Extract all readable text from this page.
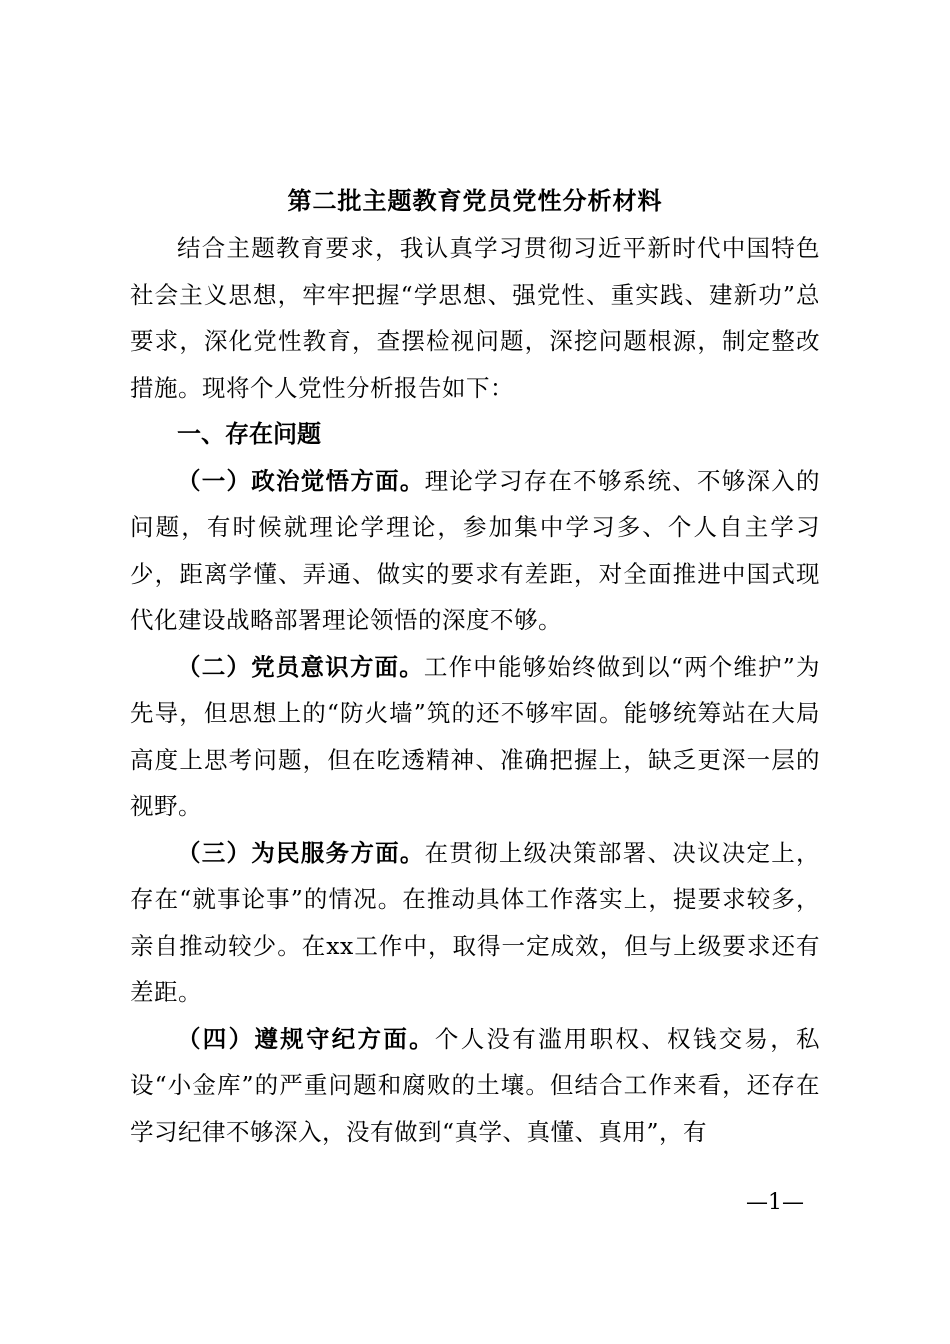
第二批主题教育党员党性分析材料

结合主题教育要求，我认真学习贯彻习近平新时代中国特色社会主义思想，牢牢把握“学思想、强党性、重实践、建新功”总要求，深化党性教育，查摆检视问题，深挖问题根源，制定整改措施。现将个人党性分析报告如下：

一、存在问题

（一）政治觉悟方面。理论学习存在不够系统、不够深入的问题，有时候就理论学理论，参加集中学习多、个人自主学习少，距离学懂、弄通、做实的要求有差距，对全面推进中国式现代化建设战略部署理论领悟的深度不够。

（二）党员意识方面。工作中能够始终做到以“两个维护”为先导，但思想上的“防火墙”筑的还不够牢固。能够统筹站在大局高度上思考问题，但在吃透精神、准确把握上，缺乏更深一层的视野。

（三）为民服务方面。在贯彻上级决策部署、决议决定上，存在“就事论事”的情况。在推动具体工作落实上，提要求较多，亲自推动较少。在xx工作中，取得一定成效，但与上级要求还有差距。

（四）遵规守纪方面。个人没有滥用职权、权钱交易，私设“小金库”的严重问题和腐败的土壤。但结合工作来看，还存在学习纪律不够深入，没有做到“真学、真懂、真用”，有

—1—
